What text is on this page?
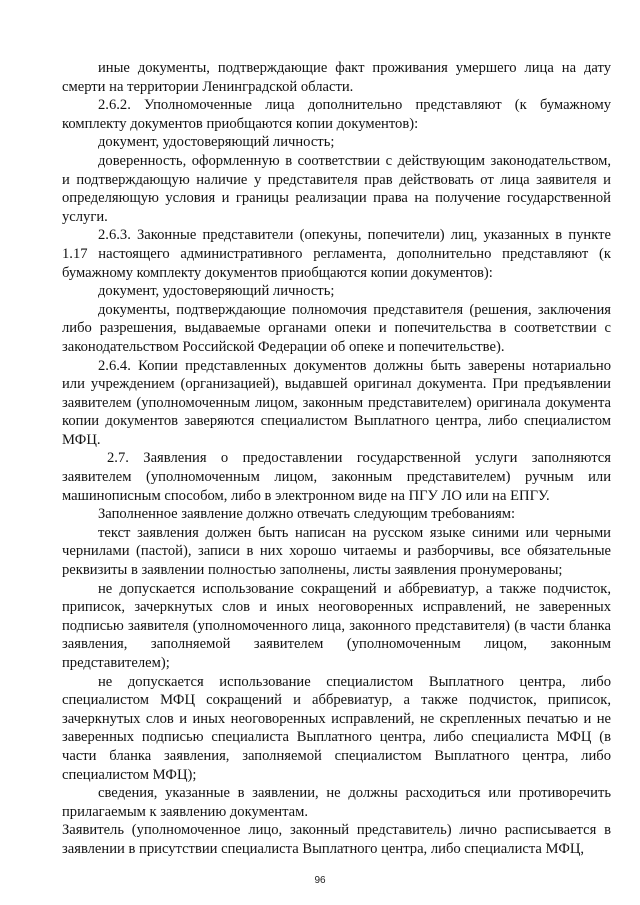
иные документы, подтверждающие факт проживания умершего лица на дату смерти на территории Ленинградской области.

2.6.2. Уполномоченные лица дополнительно представляют (к бумажному комплекту документов приобщаются копии документов):

документ, удостоверяющий личность;

доверенность, оформленную в соответствии с действующим законодательством, и подтверждающую наличие у представителя прав действовать от лица заявителя и определяющую условия и границы реализации права на получение государственной услуги.

2.6.3. Законные представители (опекуны, попечители) лиц, указанных в пункте 1.17 настоящего административного регламента, дополнительно представляют (к бумажному комплекту документов приобщаются копии документов):

документ, удостоверяющий личность;

документы, подтверждающие полномочия представителя (решения, заключения либо разрешения, выдаваемые органами опеки и попечительства в соответствии с законодательством Российской Федерации об опеке и попечительстве).

2.6.4. Копии представленных документов должны быть заверены нотариально или учреждением (организацией), выдавшей оригинал документа. При предъявлении заявителем (уполномоченным лицом, законным представителем) оригинала документа копии документов заверяются специалистом Выплатного центра, либо специалистом МФЦ.

2.7. Заявления о предоставлении государственной услуги заполняются заявителем (уполномоченным лицом, законным представителем) ручным или машинописным способом, либо в электронном виде на ПГУ ЛО или на ЕПГУ.

Заполненное заявление должно отвечать следующим требованиям:

текст заявления должен быть написан на русском языке синими или черными чернилами (пастой), записи в них хорошо читаемы и разборчивы, все обязательные реквизиты в заявлении полностью заполнены, листы заявления пронумерованы;

не допускается использование сокращений и аббревиатур, а также подчисток, приписок, зачеркнутых слов и иных неоговоренных исправлений, не заверенных подписью заявителя (уполномоченного лица, законного представителя) (в части бланка заявления, заполняемой заявителем (уполномоченным лицом, законным представителем);

не допускается использование специалистом Выплатного центра, либо специалистом МФЦ сокращений и аббревиатур, а также подчисток, приписок, зачеркнутых слов и иных неоговоренных исправлений, не скрепленных печатью и не заверенных подписью специалиста Выплатного центра, либо специалиста МФЦ (в части бланка заявления, заполняемой специалистом Выплатного центра, либо специалистом МФЦ);

сведения, указанные в заявлении, не должны расходиться или противоречить прилагаемым к заявлению документам.

Заявитель (уполномоченное лицо, законный представитель) лично расписывается в заявлении в присутствии специалиста Выплатного центра, либо специалиста МФЦ,

96
